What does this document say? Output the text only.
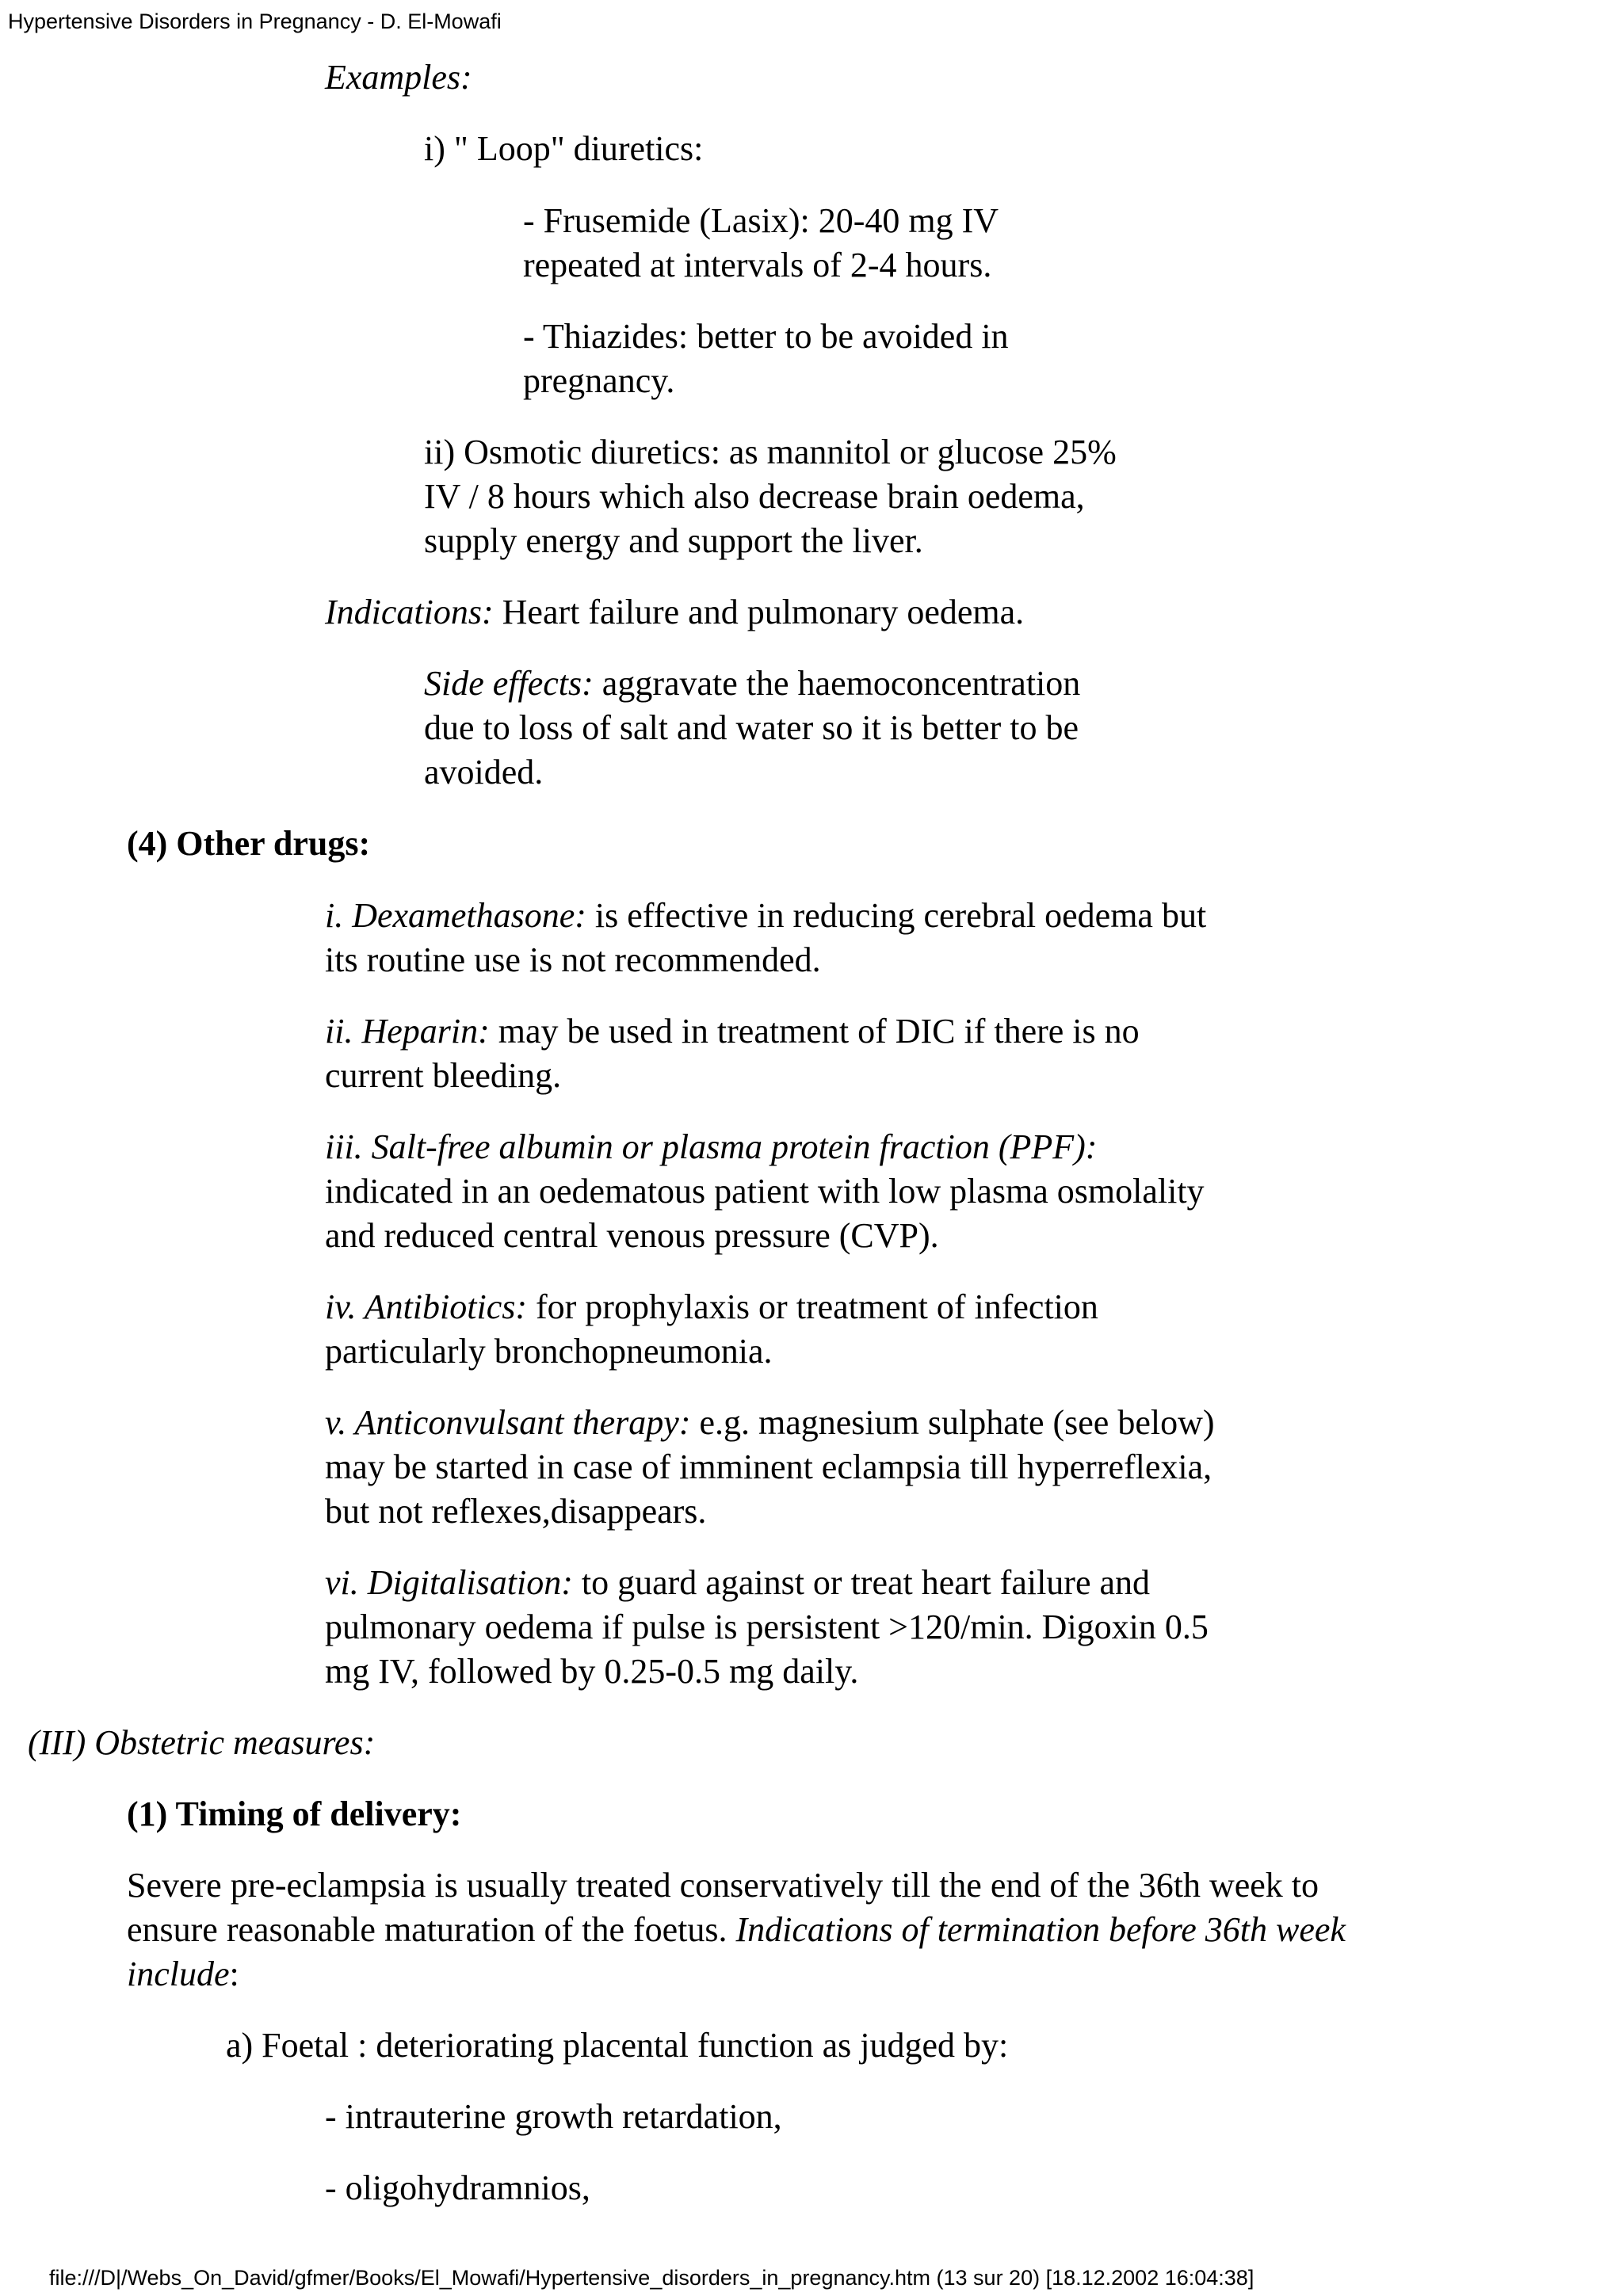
Hypertensive Disorders in Pregnancy - D. El-Mowafi
Examples:
i) " Loop" diuretics:
- Frusemide (Lasix): 20-40 mg IV
repeated at intervals of 2-4 hours.
- Thiazides: better to be avoided in
pregnancy.
ii) Osmotic diuretics: as mannitol or glucose 25%
IV / 8 hours which also decrease brain oedema,
supply energy and support the liver.
Indications: Heart failure and pulmonary oedema.
Side effects: aggravate the haemoconcentration
due to loss of salt and water so it is better to be
avoided.
(4) Other drugs:
i. Dexamethasone: is effective in reducing cerebral oedema but
its routine use is not recommended.
ii. Heparin: may be used in treatment of DIC if there is no
current bleeding.
iii. Salt-free albumin or plasma protein fraction (PPF):
indicated in an oedematous patient with low plasma osmolality
and reduced central venous pressure (CVP).
iv. Antibiotics: for prophylaxis or treatment of infection
particularly bronchopneumonia.
v. Anticonvulsant therapy: e.g. magnesium sulphate (see below)
may be started in case of imminent eclampsia till hyperreflexia,
but not reflexes,disappears.
vi. Digitalisation: to guard against or treat heart failure and
pulmonary oedema if pulse is persistent >120/min. Digoxin 0.5
mg IV, followed by 0.25-0.5 mg daily.
(III) Obstetric measures:
(1) Timing of delivery:
Severe pre-eclampsia is usually treated conservatively till the end of the 36th week to
ensure reasonable maturation of the foetus. Indications of termination before 36th week
include:
a) Foetal : deteriorating placental function as judged by:
- intrauterine growth retardation,
- oligohydramnios,
file:///D|/Webs_On_David/gfmer/Books/El_Mowafi/Hypertensive_disorders_in_pregnancy.htm (13 sur 20) [18.12.2002 16:04:38]
